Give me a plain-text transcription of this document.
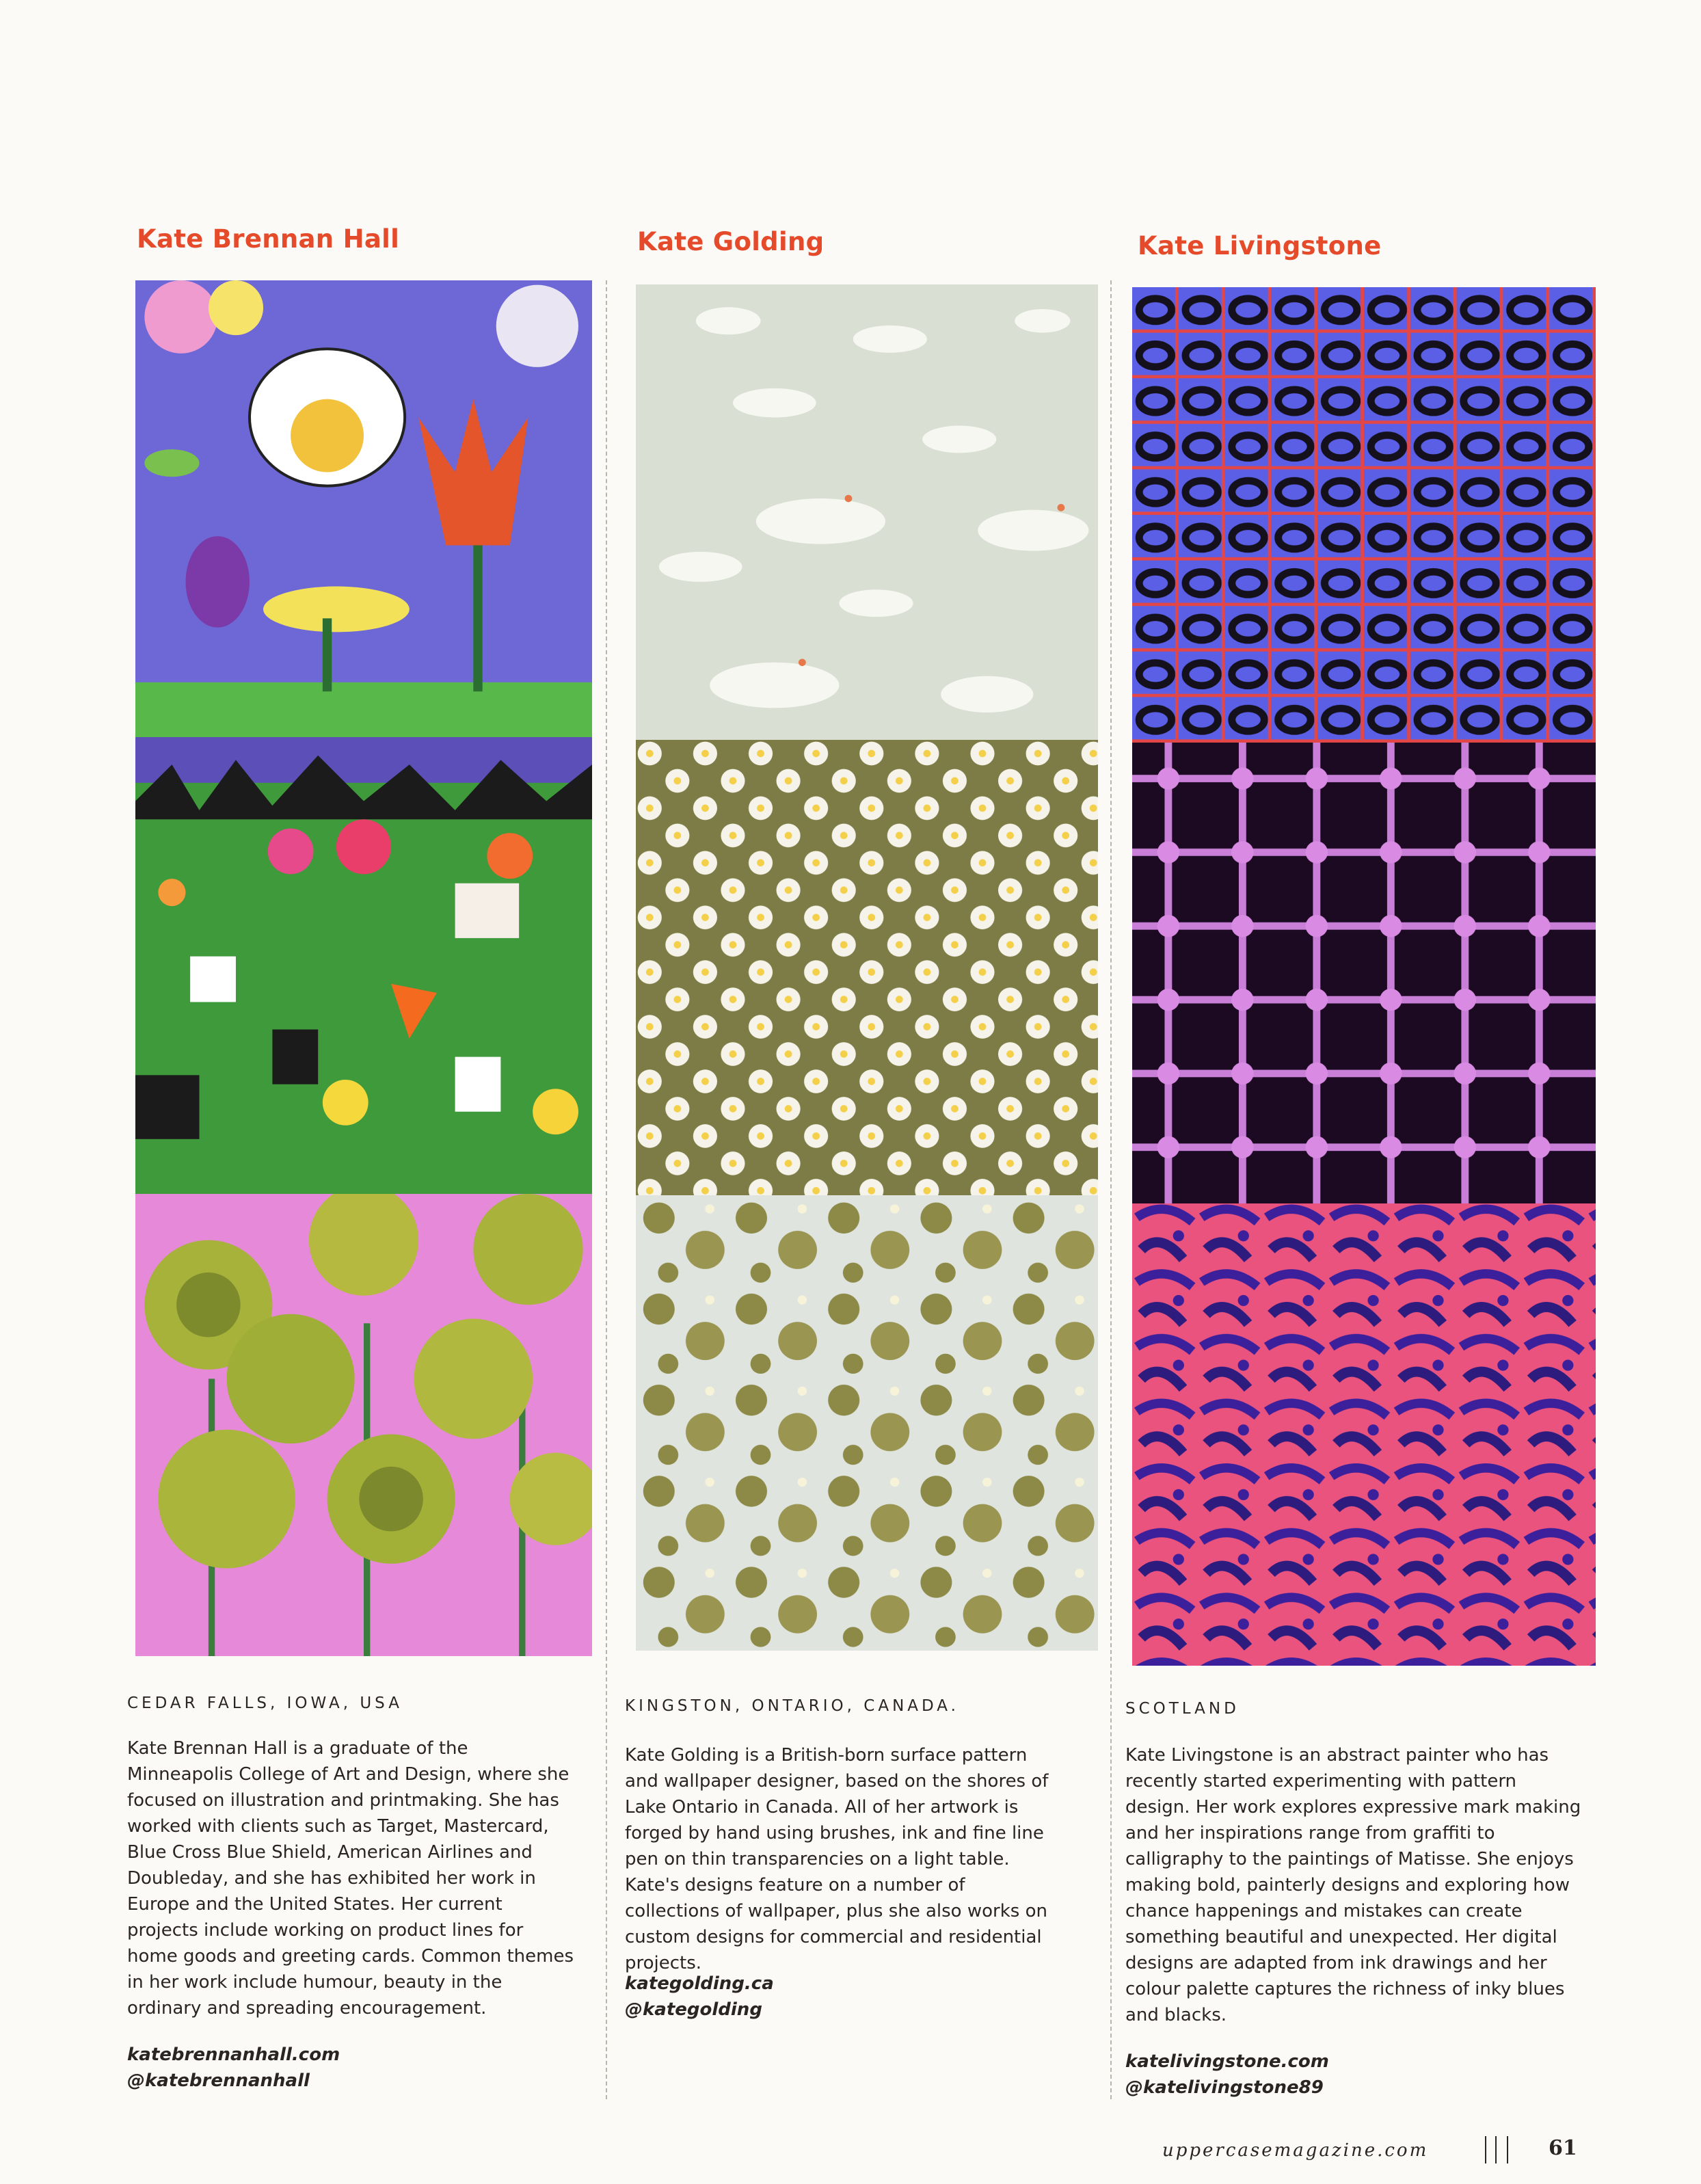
Kate Brennan Hall

CEDAR FALLS, IOWA, USA

Kate Brennan Hall is a graduate of the Minneapolis College of Art and Design, where she focused on illustration and printmaking. She has worked with clients such as Target, Mastercard, Blue Cross Blue Shield, American Airlines and Doubleday, and she has exhibited her work in Europe and the United States. Her current projects include working on product lines for home goods and greeting cards. Common themes in her work include humour, beauty in the ordinary and spreading encouragement.

katebrennanhall.com
@katebrennanhall

Kate Golding

KINGSTON, ONTARIO, CANADA.

Kate Golding is a British-born surface pattern and wallpaper designer, based on the shores of Lake Ontario in Canada. All of her artwork is forged by hand using brushes, ink and fine line pen on thin transparencies on a light table. Kate's designs feature on a number of collections of wallpaper, plus she also works on custom designs for commercial and residential projects.

kategolding.ca
@kategolding

Kate Livingstone

SCOTLAND

Kate Livingstone is an abstract painter who has recently started experimenting with pattern design. Her work explores expressive mark making and her inspirations range from graffiti to calligraphy to the paintings of Matisse. She enjoys making bold, painterly designs and exploring how chance happenings and mistakes can create something beautiful and unexpected. Her digital designs are adapted from ink drawings and her colour palette captures the richness of inky blues and blacks.

katelivingstone.com
@katelivingstone89

uppercasemagazine.com	61
